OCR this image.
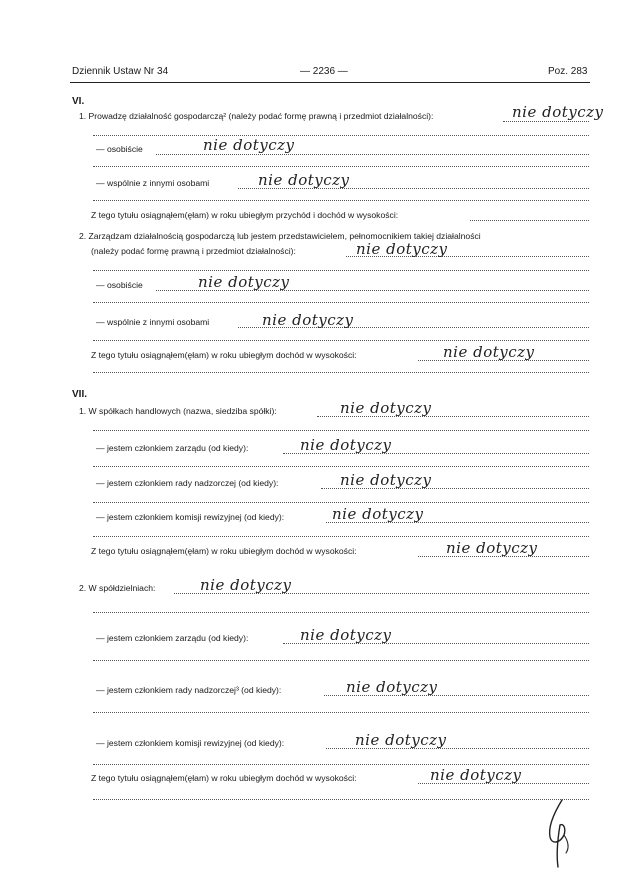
Dziennik Ustaw Nr 34	— 2236 —	Poz. 283
VI.
1. Prowadzę działalność gospodarczą² (należy podać formę prawną i przedmiot działalności):	nie dotyczy
— osobiście	nie dotyczy
— wspólnie z innymi osobami	nie dotyczy
Z tego tytułu osiągnąłem(ęłam) w roku ubiegłym przychód i dochód w wysokości:
2. Zarządzam działalnością gospodarczą lub jestem przedstawicielem, pełnomocnikiem takiej działalności
(należy podać formę prawną i przedmiot działalności):	nie dotyczy
— osobiście	nie dotyczy
— wspólnie z innymi osobami	nie dotyczy
Z tego tytułu osiągnąłem(ęłam) w roku ubiegłym dochód w wysokości:	nie dotyczy
VII.
1. W spółkach handlowych (nazwa, siedziba spółki):	nie dotyczy
— jestem członkiem zarządu (od kiedy):	nie dotyczy
— jestem członkiem rady nadzorczej (od kiedy):	nie dotyczy
— jestem członkiem komisji rewizyjnej (od kiedy):	nie dotyczy
Z tego tytułu osiągnąłem(ęłam) w roku ubiegłym dochód w wysokości:	nie dotyczy
2. W spółdzielniach:	nie dotyczy
— jestem członkiem zarządu (od kiedy):	nie dotyczy
— jestem członkiem rady nadzorczej³ (od kiedy):	nie dotyczy
— jestem członkiem komisji rewizyjnej (od kiedy):	nie dotyczy
Z tego tytułu osiągnąłem(ęłam) w roku ubiegłym dochód w wysokości:	nie dotyczy
